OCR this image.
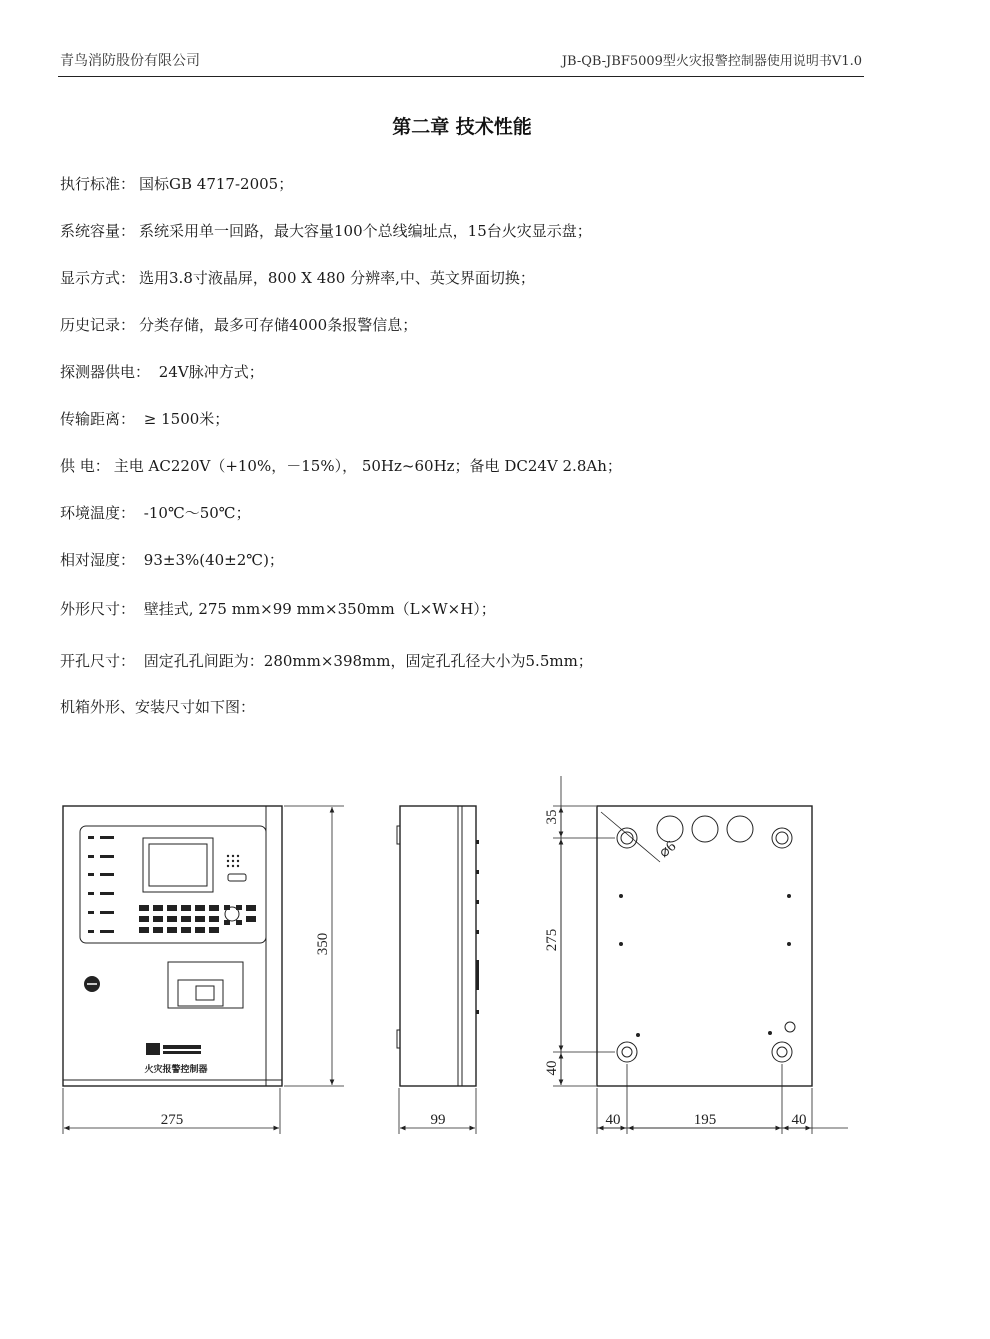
青鸟消防股份有限公司	JB-QB-JBF5009型火灾报警控制器使用说明书V1.0
第二章 技术性能
执行标准： 国标GB 4717-2005；
系统容量： 系统采用单一回路，最大容量100个总线编址点，15台火灾显示盘；
显示方式： 选用3.8寸液晶屏，800 X 480 分辨率,中、英文界面切换；
历史记录： 分类存储，最多可存储4000条报警信息；
探测器供电： 24V脉冲方式；
传输距离： ≥ 1500米；
供 电： 主电 AC220V（+10%，－15%）， 50Hz~60Hz；备电 DC24V 2.8Ah；
环境温度： -10℃～50℃；
相对湿度： 93±3%(40±2℃)；
外形尺寸： 壁挂式, 275 mm×99 mm×350mm（L×W×H）；
开孔尺寸： 固定孔孔间距为：280mm×398mm，固定孔孔径大小为5.5mm；
机箱外形、安装尺寸如下图：
火灾报警控制器
275
350
99
⌀6
35
275
40
40	195	40
